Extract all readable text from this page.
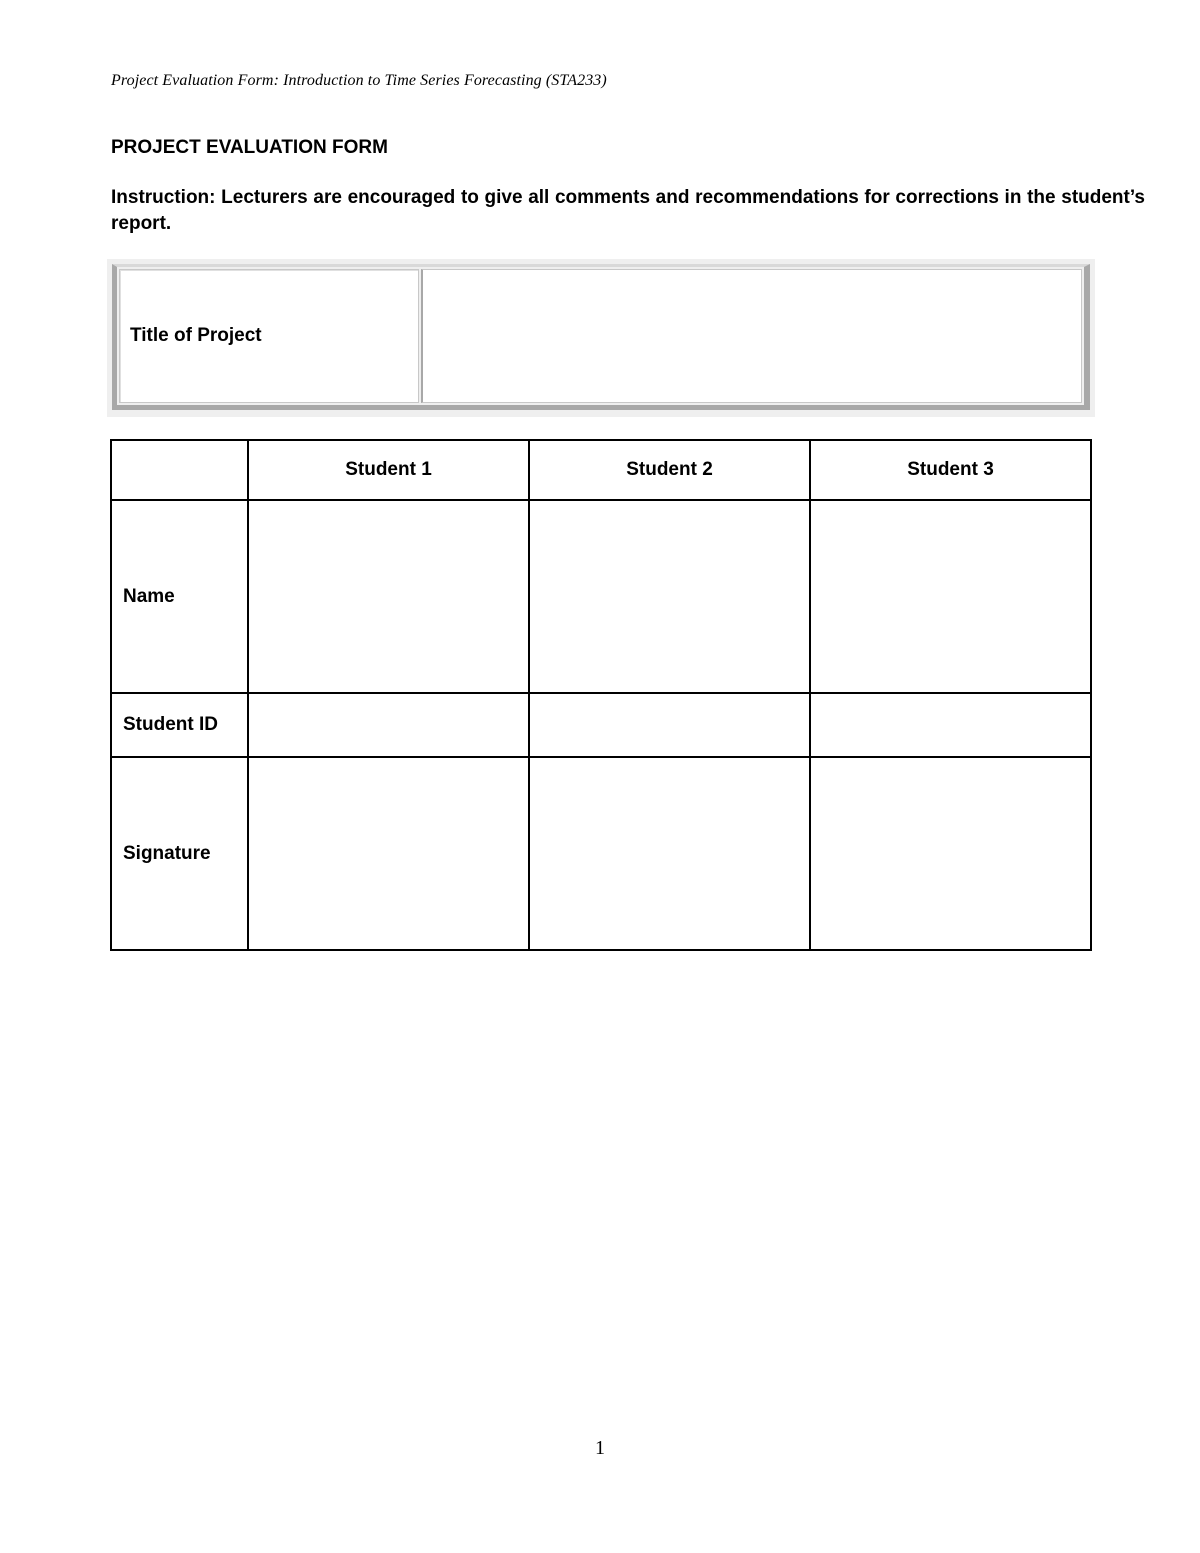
Project Evaluation Form: Introduction to Time Series Forecasting (STA233)
PROJECT EVALUATION FORM
Instruction: Lecturers are encouraged to give all comments and recommendations for corrections in the student’s report.
Title of Project
	Student 1	Student 2	Student 3
Name			
Student ID			
Signature			
1
